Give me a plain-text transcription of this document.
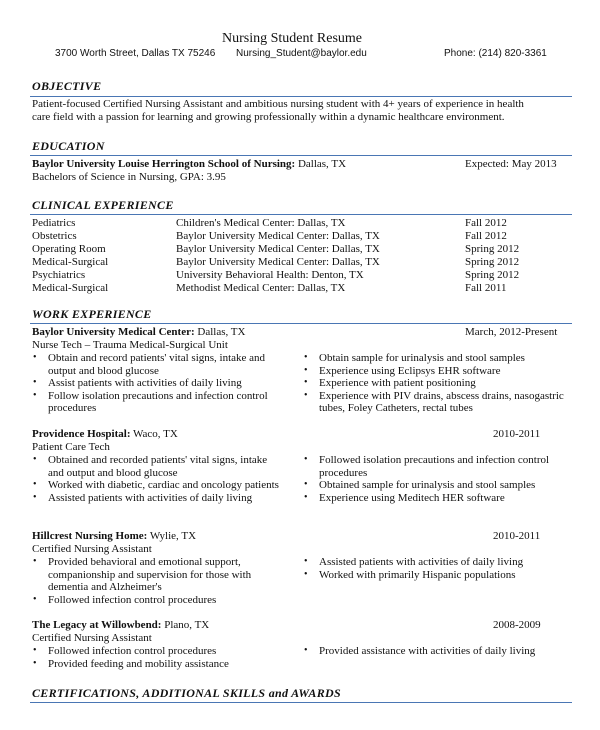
Nursing Student Resume
3700 Worth Street, Dallas TX 75246 Nursing_Student@baylor.edu	Phone: (214) 820-3361
OBJECTIVE
Patient-focused Certified Nursing Assistant and ambitious nursing student with 4+ years of experience in health
care field with a passion for learning and growing professionally within a dynamic healthcare environment.
EDUCATION
Baylor University Louise Herrington School of Nursing: Dallas, TX	Expected: May 2013
Bachelors of Science in Nursing, GPA: 3.95
CLINICAL EXPERIENCE
Pediatrics	Children's Medical Center: Dallas, TX	Fall 2012
Obstetrics	Baylor University Medical Center: Dallas, TX	Fall 2012
Operating Room	Baylor University Medical Center: Dallas, TX	Spring 2012
Medical-Surgical	Baylor University Medical Center: Dallas, TX	Spring 2012
Psychiatrics	University Behavioral Health: Denton, TX	Spring 2012
Medical-Surgical	Methodist Medical Center: Dallas, TX	Fall 2011
WORK EXPERIENCE
Baylor University Medical Center: Dallas, TX	March, 2012-Present
Nurse Tech – Trauma Medical-Surgical Unit
• Obtain and record patients' vital signs, intake and output and blood glucose
• Assist patients with activities of daily living
• Follow isolation precautions and infection control procedures
• Obtain sample for urinalysis and stool samples
• Experience using Eclipsys EHR software
• Experience with patient positioning
• Experience with PIV drains, abscess drains, nasogastric tubes, Foley Catheters, rectal tubes
Providence Hospital: Waco, TX	2010-2011
Patient Care Tech
• Obtained and recorded patients' vital signs, intake and output and blood glucose
• Worked with diabetic, cardiac and oncology patients
• Assisted patients with activities of daily living
• Followed isolation precautions and infection control procedures
• Obtained sample for urinalysis and stool samples
• Experience using Meditech HER software
Hillcrest Nursing Home: Wylie, TX	2010-2011
Certified Nursing Assistant
• Provided behavioral and emotional support, companionship and supervision for those with dementia and Alzheimer's
• Followed infection control procedures
• Assisted patients with activities of daily living
• Worked with primarily Hispanic populations
The Legacy at Willowbend: Plano, TX	2008-2009
Certified Nursing Assistant
• Followed infection control procedures
• Provided feeding and mobility assistance
• Provided assistance with activities of daily living
CERTIFICATIONS, ADDITIONAL SKILLS and AWARDS
